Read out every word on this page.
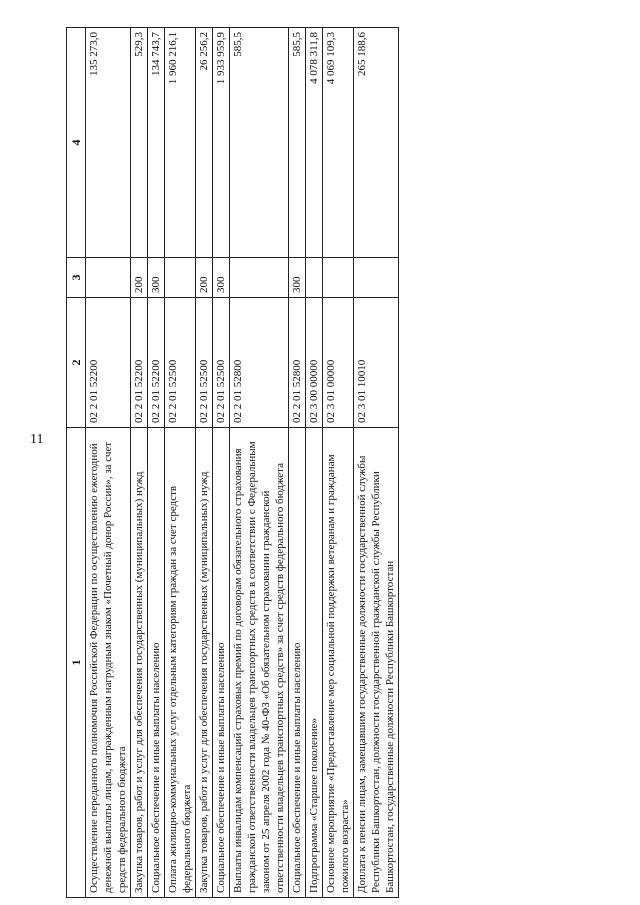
11
1	2	3	4
Осуществление переданного полномочия Российской Федерации по осуществлению ежегодной денежной выплаты лицам, награжденным нагрудным знаком «Почетный донор России», за счет средств федерального бюджета	02 2 01 52200		135 273,0
Закупка товаров, работ и услуг для обеспечения государственных (муниципальных) нужд	02 2 01 52200	200	529,3
Социальное обеспечение и иные выплаты населению	02 2 01 52200	300	134 743,7
Оплата жилищно-коммунальных услуг отдельным категориям граждан за счет средств федерального бюджета	02 2 01 52500		1 960 216,1
Закупка товаров, работ и услуг для обеспечения государственных (муниципальных) нужд	02 2 01 52500	200	26 256,2
Социальное обеспечение и иные выплаты населению	02 2 01 52500	300	1 933 959,9
Выплаты инвалидам компенсаций страховых премий по договорам обязательного страхования гражданской ответственности владельцев транспортных средств в соответствии с Федеральным законом от 25 апреля 2002 года № 40-ФЗ «Об обязательном страховании гражданской ответственности владельцев транспортных средств» за счет средств федерального бюджета	02 2 01 52800		585,5
Социальное обеспечение и иные выплаты населению	02 2 01 52800	300	585,5
Подпрограмма «Старшее поколение»	02 3 00 00000		4 078 311,8
Основное мероприятие «Предоставление мер социальной поддержки ветеранам и гражданам пожилого возраста»	02 3 01 00000		4 069 109,3
Доплата к пенсии лицам, замещавшим государственные должности государственной службы Республики Башкортостан, должности государственной гражданской службы Республики Башкортостан, государственные должности Республики Башкортостан	02 3 01 10010		265 188,6
